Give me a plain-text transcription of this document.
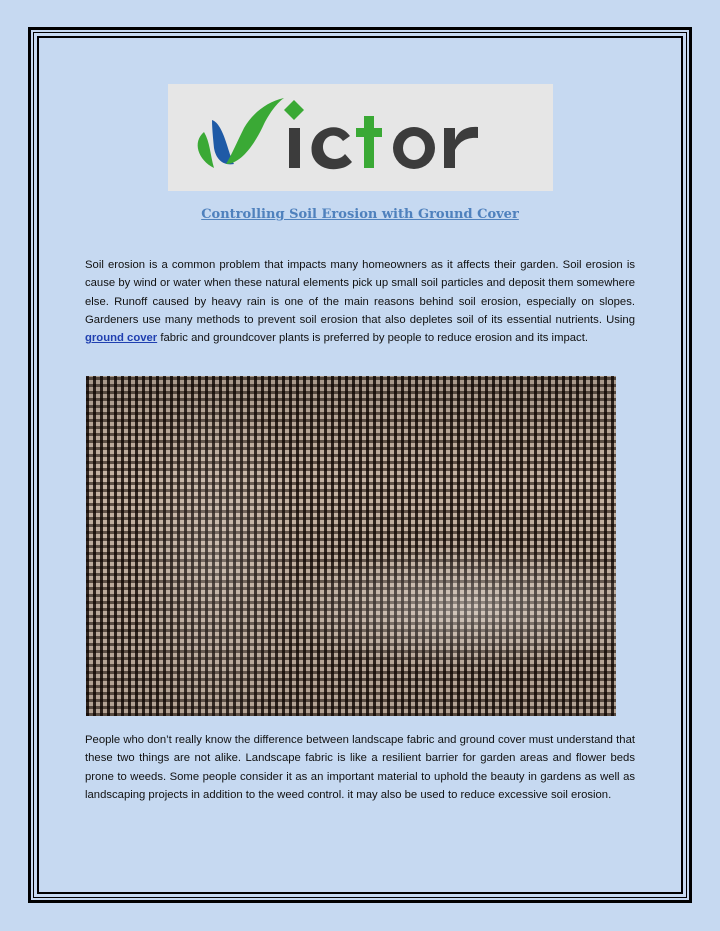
Controlling Soil Erosion with Ground Cover

Soil erosion is a common problem that impacts many homeowners as it affects their garden. Soil erosion is cause by wind or water when these natural elements pick up small soil particles and deposit them somewhere else. Runoff caused by heavy rain is one of the main reasons behind soil erosion, especially on slopes. Gardeners use many methods to prevent soil erosion that also depletes soil of its essential nutrients. Using ground cover fabric and groundcover plants is preferred by people to reduce erosion and its impact.

People who don’t really know the difference between landscape fabric and ground cover must understand that these two things are not alike. Landscape fabric is like a resilient barrier for garden areas and flower beds prone to weeds. Some people consider it as an important material to uphold the beauty in gardens as well as landscaping projects in addition to the weed control. it may also be used to reduce excessive soil erosion.
